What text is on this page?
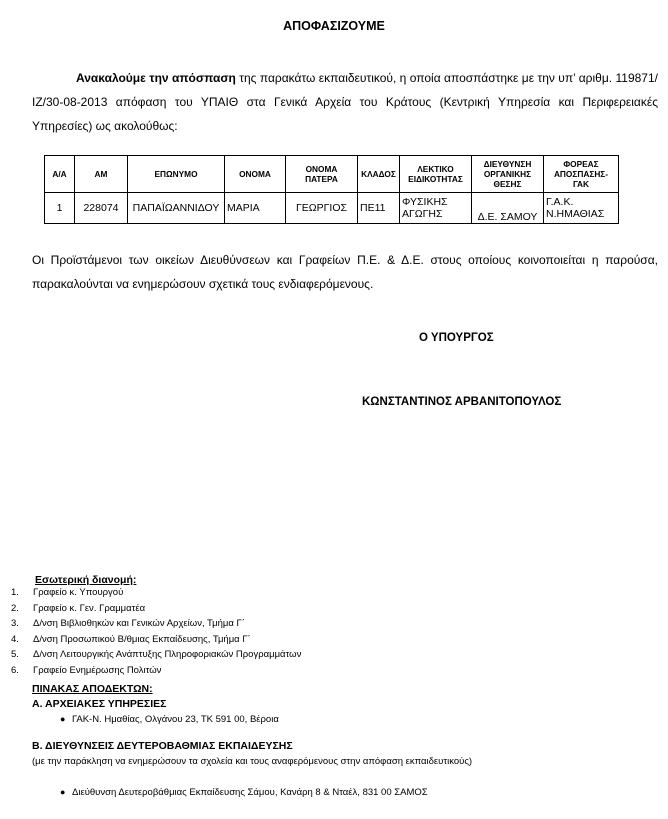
ΑΠΟΦΑΣΙΖΟΥΜΕ
Ανακαλούμε την απόσπαση της παρακάτω εκπαιδευτικού, η οποία αποσπάστηκε με την υπ’ αριθμ. 119871/ΙΖ/30-08-2013 απόφαση του ΥΠΑΙΘ στα Γενικά Αρχεία του Κράτους (Κεντρική Υπηρεσία και Περιφερειακές Υπηρεσίες) ως ακολούθως:
Α/Α	ΑΜ	ΕΠΩΝΥΜΟ	ΟΝΟΜΑ	ΟΝΟΜΑ
ΠΑΤΕΡΑ	ΚΛΑΔΟΣ	ΛΕΚΤΙΚΟ
ΕΙΔΙΚΟΤΗΤΑΣ	ΔΙΕΥΘΥΝΣΗ
ΟΡΓΑΝΙΚΗΣ
ΘΕΣΗΣ	ΦΟΡΕΑΣ
ΑΠΟΣΠΑΣΗΣ-ΓΑΚ
1	228074	ΠΑΠΑΪΩΑΝΝΙΔΟΥ	ΜΑΡΙΑ	ΓΕΩΡΓΙΟΣ	ΠΕ11	ΦΥΣΙΚΗΣ
ΑΓΩΓΗΣ	Δ.Ε. ΣΑΜΟΥ	Γ.Α.Κ.
Ν.ΗΜΑΘΙΑΣ
Οι Προϊστάμενοι των οικείων Διευθύνσεων και Γραφείων Π.Ε. & Δ.Ε. στους οποίους κοινοποιείται η παρούσα, παρακαλούνται να ενημερώσουν σχετικά τους ενδιαφερόμενους.
Ο ΥΠΟΥΡΓΟΣ
ΚΩΝΣΤΑΝΤΙΝΟΣ ΑΡΒΑΝΙΤΟΠΟΥΛΟΣ
Εσωτερική διανομή:
1. Γραφείο κ. Υπουργού
2. Γραφείο κ. Γεν. Γραμματέα
3. Δ/νση Βιβλιοθηκών και Γενικών Αρχείων, Τμήμα Γ΄
4. Δ/νση Προσωπικού Β/θμιας Εκπαίδευσης, Τμήμα Γ΄
5. Δ/νση Λειτουργικής Ανάπτυξης Πληροφοριακών Προγραμμάτων
6. Γραφείο Ενημέρωσης Πολιτών
ΠΙΝΑΚΑΣ ΑΠΟΔΕΚΤΩΝ:
Α. ΑΡΧΕΙΑΚΕΣ ΥΠΗΡΕΣΙΕΣ
● ΓΑΚ-Ν. Ημαθίας, Ολγάνου 23, ΤΚ 591 00, Βέροια
Β. ΔΙΕΥΘΥΝΣΕΙΣ ΔΕΥΤΕΡΟΒΑΘΜΙΑΣ ΕΚΠΑΙΔΕΥΣΗΣ
(με την παράκληση να ενημερώσουν τα σχολεία και τους αναφερόμενους στην απόφαση εκπαιδευτικούς)
● Διεύθυνση Δευτεροβάθμιας Εκπαίδευσης Σάμου, Κανάρη 8 & Νταέλ, 831 00 ΣΑΜΟΣ
